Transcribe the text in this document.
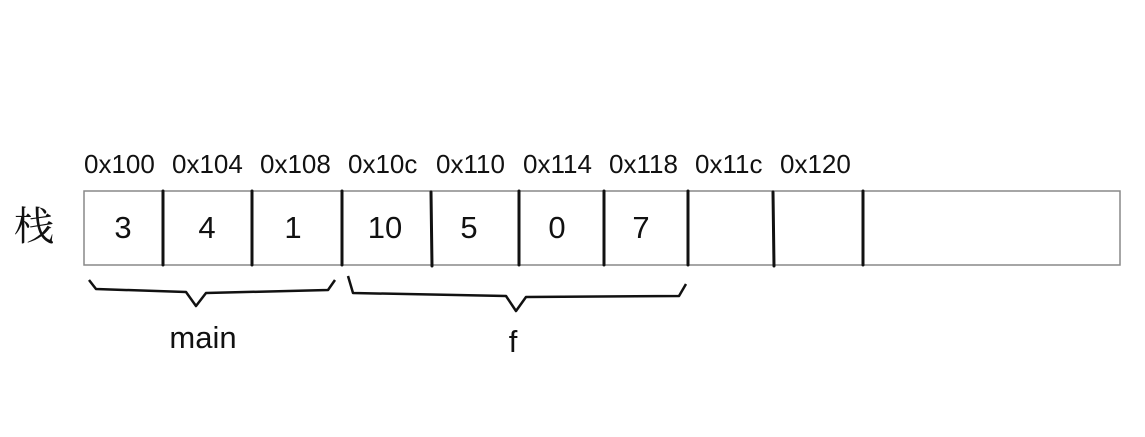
栈
0x100 0x104 0x108 0x10c 0x110 0x114 0x118 0x11c 0x120
3	4	1	10	5	0	7
main	f
